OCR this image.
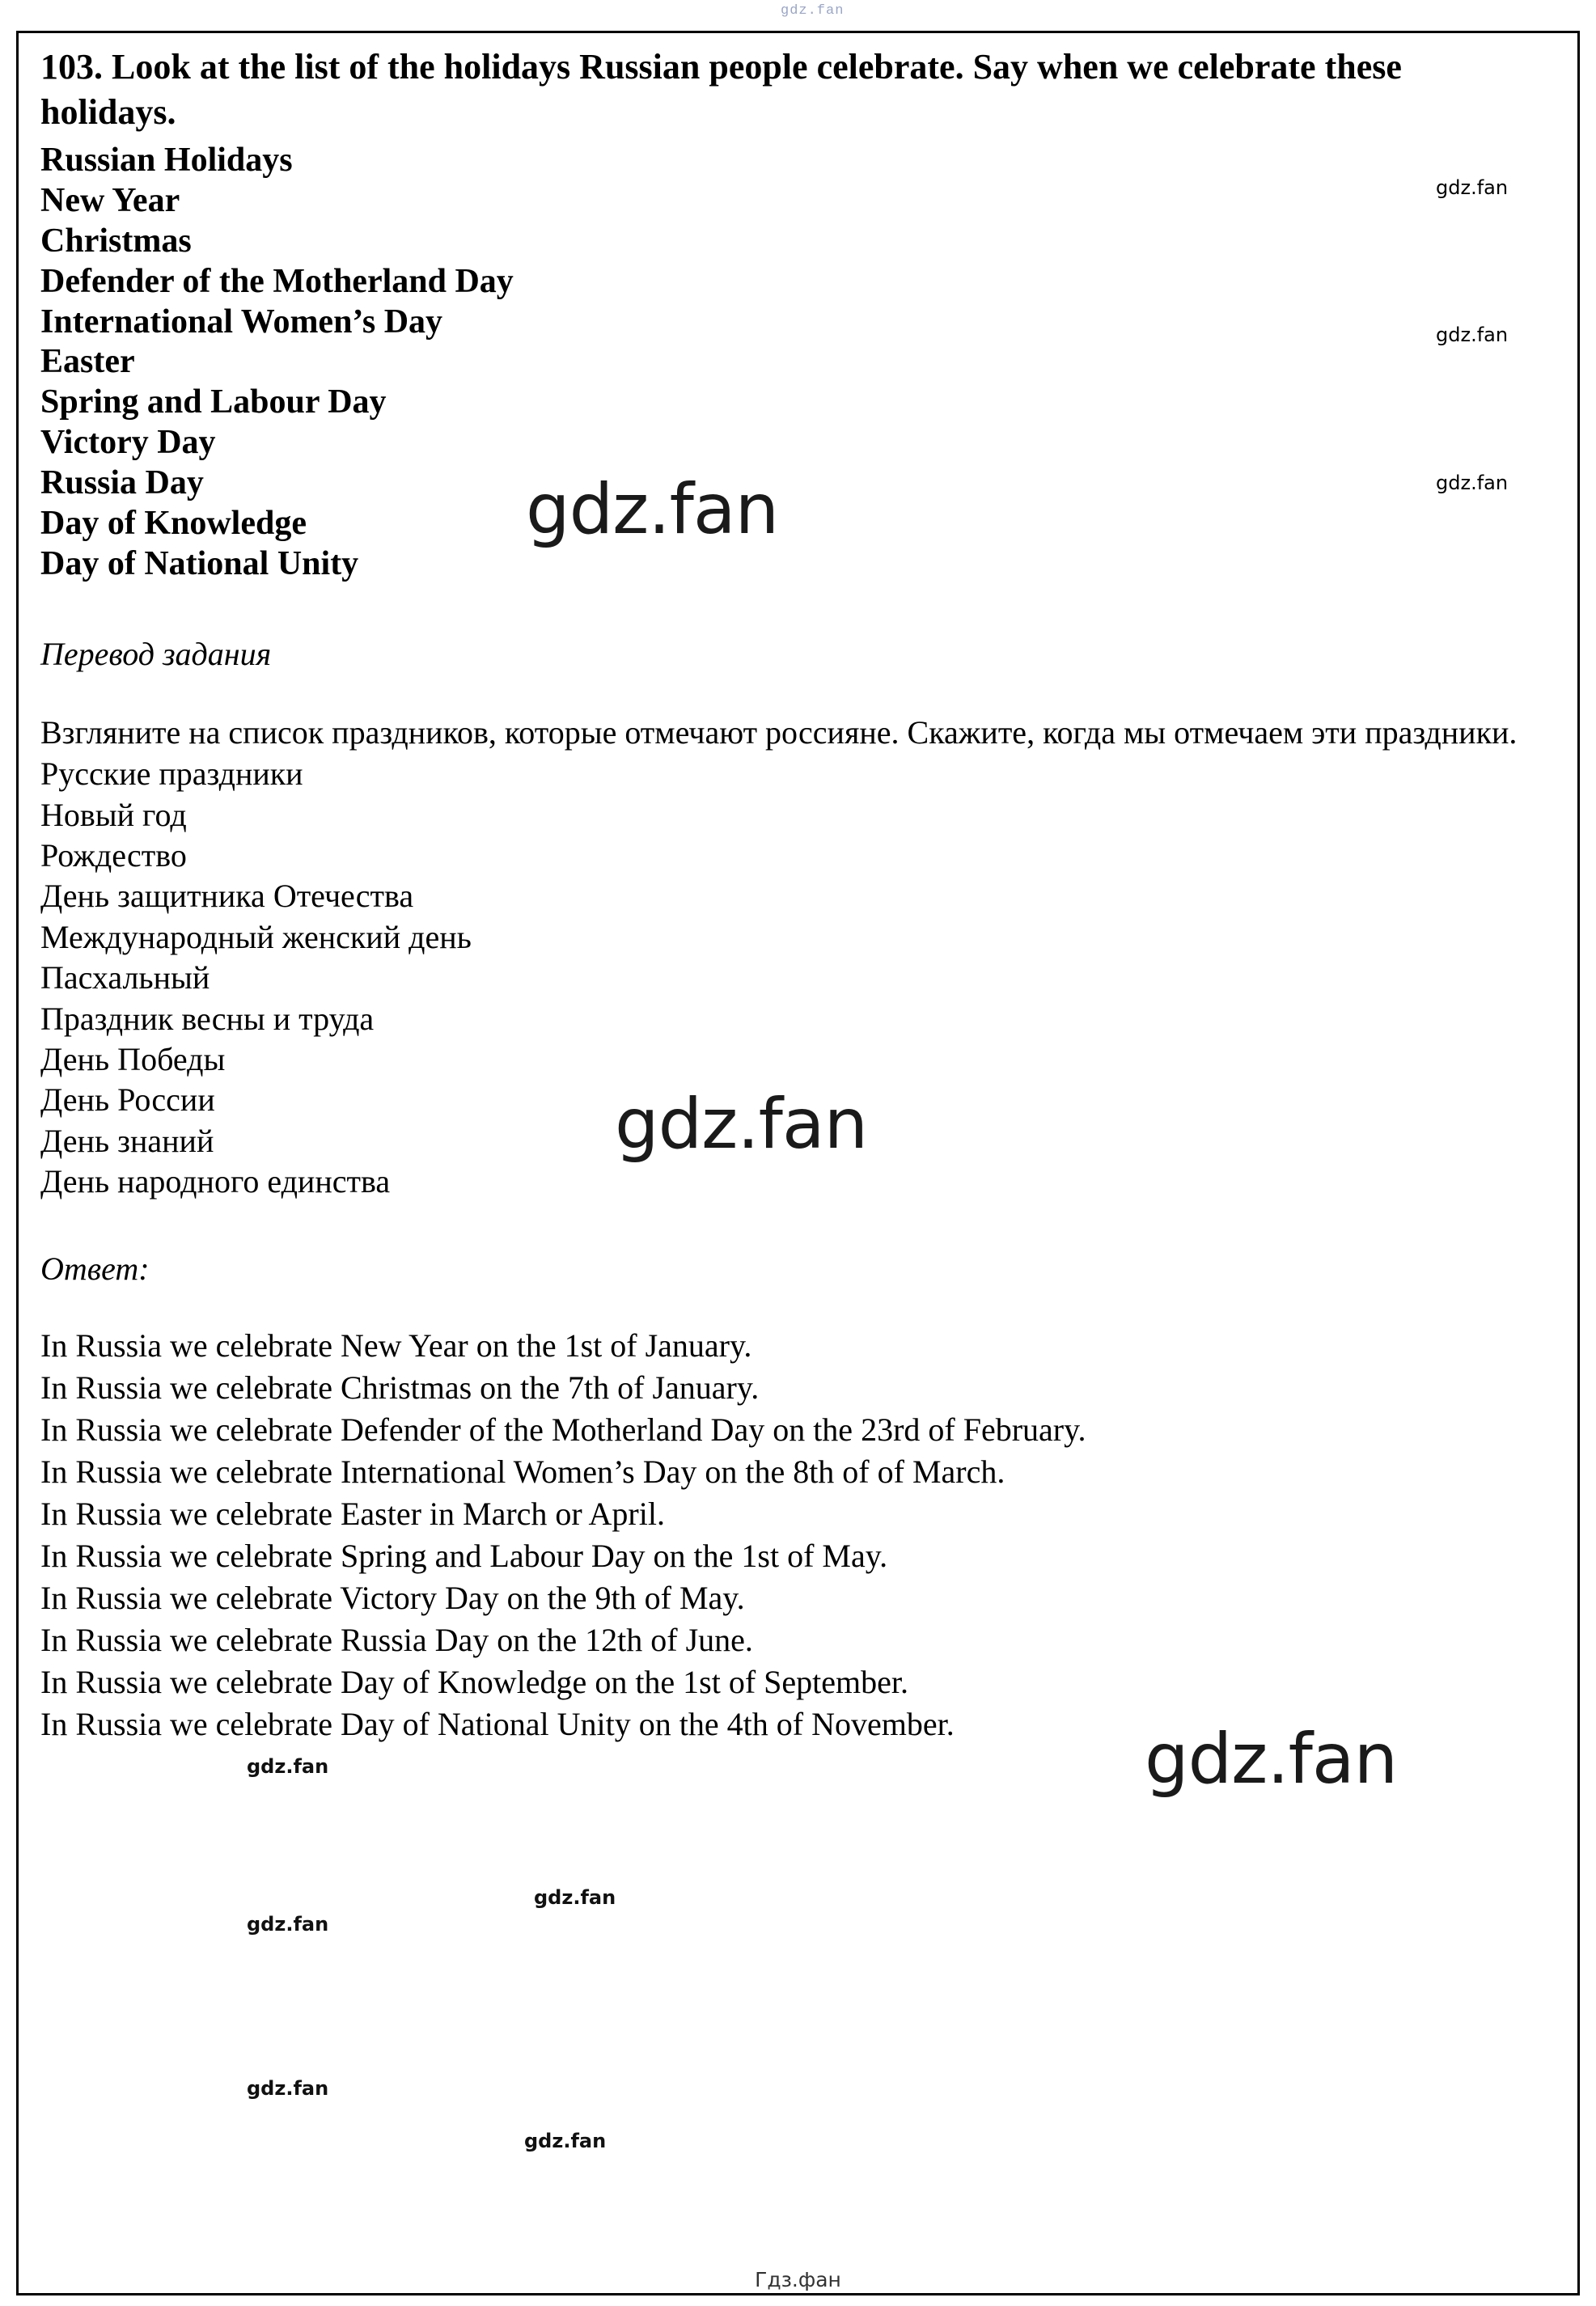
gdz.fan

103. Look at the list of the holidays Russian people celebrate. Say when we celebrate these holidays.

Russian Holidays
New Year
Christmas
Defender of the Motherland Day
International Women’s Day
Easter
Spring and Labour Day
Victory Day
Russia Day
Day of Knowledge
Day of National Unity
Перевод задания

Взгляните на список праздников, которые отмечают россияне. Скажите, когда мы отмечаем эти праздники.

Русские праздники
Новый год
Рождество
День защитника Отечества
Международный женский день
Пасхальный
Праздник весны и труда
День Победы
День России
День знаний
День народного единства
Ответ:
In Russia we celebrate New Year on the 1st of January.
In Russia we celebrate Christmas on the 7th of January.
In Russia we celebrate Defender of the Motherland Day on the 23rd of February.
In Russia we celebrate International Women’s Day on the 8th of of March.
In Russia we celebrate Easter in March or April.
In Russia we celebrate Spring and Labour Day on the 1st of May.
In Russia we celebrate Victory Day on the 9th of May.
In Russia we celebrate Russia Day on the 12th of June.
In Russia we celebrate Day of Knowledge on the 1st of September.
In Russia we celebrate Day of National Unity on the 4th of November.
gdz.fan
gdz.fan
gdz.fan
gdz.fan
gdz.fan
gdz.fan
gdz.fan
gdz.fan
gdz.fan
gdz.fan
gdz.fan
Гдз.фан
